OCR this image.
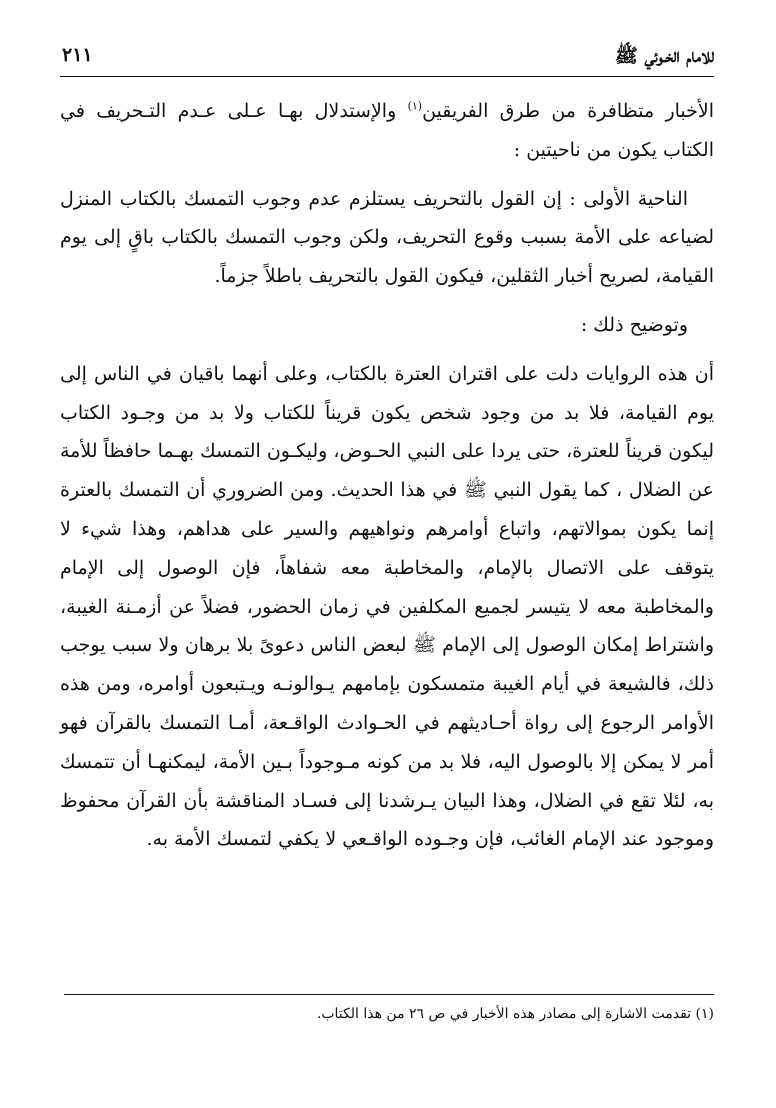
للامام الخـوئي ﷺ
٢١١

الأخبار متظافرة من طرق الفريقين$^{(١)}$ والإستدلال بهـا عـلى عـدم التـحريف في الكتاب يكون من ناحيتين :

الناحية الأولى : إن القول بالتحريف يستلزم عدم وجوب التمسك بالكتاب المنزل لضياعه على الأمة بسبب وقوع التحريف، ولكن وجوب التمسك بالكتاب باقٍ إلى يوم القيامة، لصريح أخبار الثقلين، فيكون القول بالتحريف باطلاً جزماً.

وتوضيح ذلك :

أن هذه الروايات دلت على اقتران العترة بالكتاب، وعلى أنهما باقيان في الناس إلى يوم القيامة، فلا بد من وجود شخص يكون قريناً للكتاب ولا بد من وجـود الكتاب ليكون قريناً للعترة، حتى يردا على النبي الحـوض، وليكـون التمسك بهـما حافظاً للأمة عن الضلال ، كما يقول النبي ﷺ في هذا الحديث. ومن الضروري أن التمسك بالعترة إنما يكون بموالاتهم، واتباع أوامرهم ونواهيهم والسير على هداهم، وهذا شيء لا يتوقف على الاتصال بالإمام، والمخاطبة معه شفاهاً، فإن الوصول إلى الإمام والمخاطبة معه لا يتيسر لجميع المكلفين في زمان الحضور، فضلاً عن أزمـنة الغيبة، واشتراط إمكان الوصول إلى الإمام ﷺ لبعض الناس دعوىً بلا برهان ولا سبب يوجب ذلك، فالشيعة في أيام الغيبة متمسكون بإمامهم يـوالونـه ويـتبعون أوامره، ومن هذه الأوامر الرجوع إلى رواة أحـاديثهم في الحـوادث الواقـعة، أمـا التمسك بالقرآن فهو أمر لا يمكن إلا بالوصول اليه، فلا بد من كونه مـوجوداً بـين الأمة، ليمكنهـا أن تتمسك به، لئلا تقع في الضلال، وهذا البيان يـرشدنا إلى فسـاد المناقشة بأن القرآن محفوظ وموجود عند الإمام الغائب، فإن وجـوده الواقـعي لا يكفي لتمسك الأمة به.

(١) تقدمت الاشارة إلى مصادر هذه الأخبار في ص ٢٦ من هذا الكتاب.
